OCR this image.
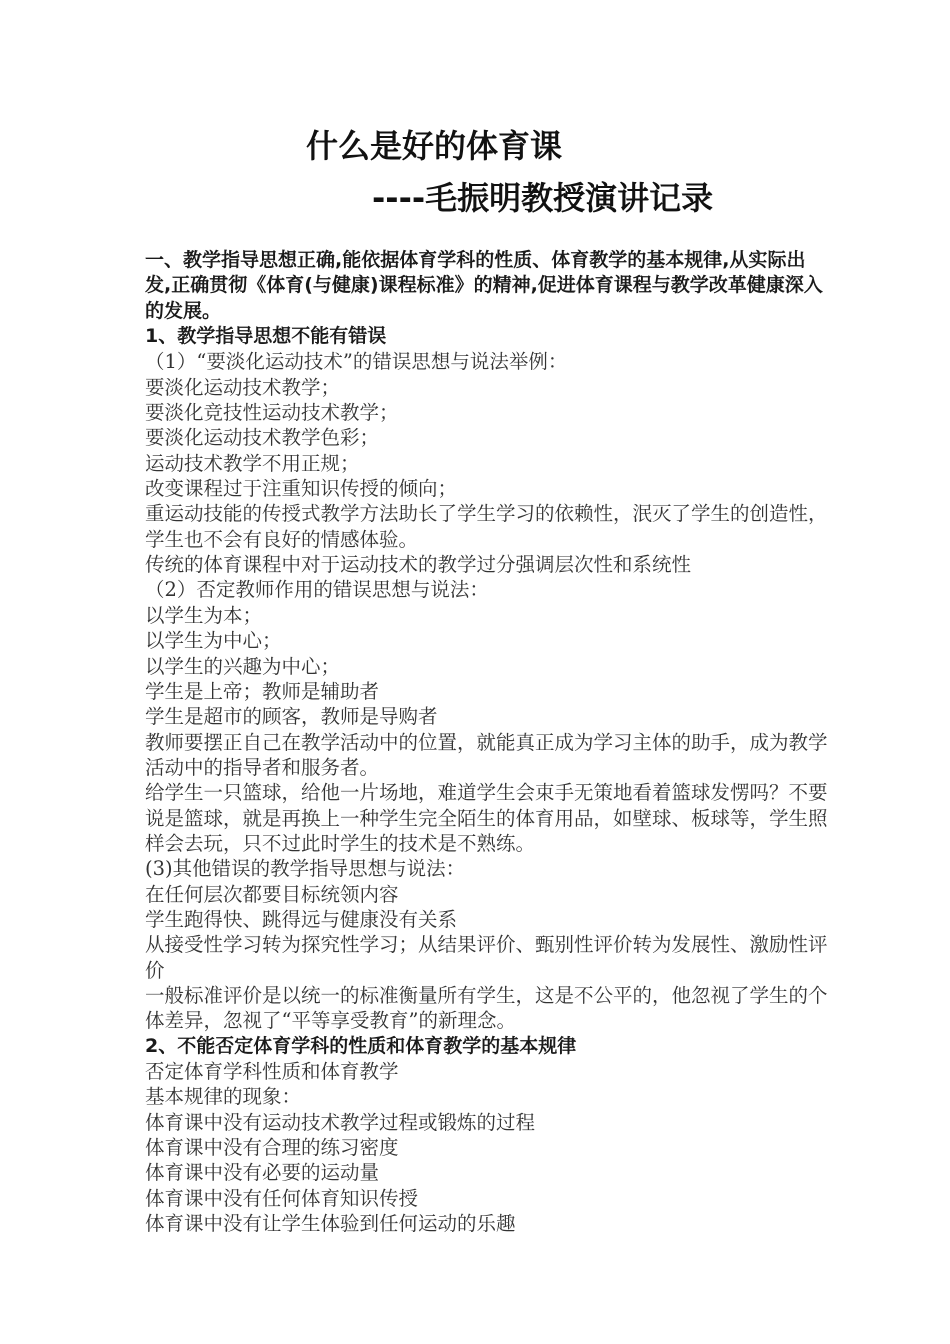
什么是好的体育课
----毛振明教授演讲记录

一、教学指导思想正确,能依据体育学科的性质、体育教学的基本规律,从实际出发,正确贯彻《体育(与健康)课程标准》的精神,促进体育课程与教学改革健康深入的发展。

1、教学指导思想不能有错误

（1）“要淡化运动技术”的错误思想与说法举例：

要淡化运动技术教学；

要淡化竞技性运动技术教学；

要淡化运动技术教学色彩；

运动技术教学不用正规；

改变课程过于注重知识传授的倾向；

重运动技能的传授式教学方法助长了学生学习的依赖性，泯灭了学生的创造性，学生也不会有良好的情感体验。

传统的体育课程中对于运动技术的教学过分强调层次性和系统性

（2）否定教师作用的错误思想与说法：

以学生为本；

以学生为中心；

以学生的兴趣为中心；

学生是上帝；教师是辅助者

学生是超市的顾客，教师是导购者

教师要摆正自己在教学活动中的位置，就能真正成为学习主体的助手，成为教学活动中的指导者和服务者。

给学生一只篮球，给他一片场地，难道学生会束手无策地看着篮球发愣吗？不要说是篮球，就是再换上一种学生完全陌生的体育用品，如壁球、板球等，学生照样会去玩，只不过此时学生的技术是不熟练。

(3)其他错误的教学指导思想与说法：

在任何层次都要目标统领内容

学生跑得快、跳得远与健康没有关系

从接受性学习转为探究性学习；从结果评价、甄别性评价转为发展性、激励性评价

一般标准评价是以统一的标准衡量所有学生，这是不公平的，他忽视了学生的个体差异，忽视了“平等享受教育”的新理念。

2、不能否定体育学科的性质和体育教学的基本规律

否定体育学科性质和体育教学

基本规律的现象：

体育课中没有运动技术教学过程或锻炼的过程

体育课中没有合理的练习密度

体育课中没有必要的运动量

体育课中没有任何体育知识传授

体育课中没有让学生体验到任何运动的乐趣
